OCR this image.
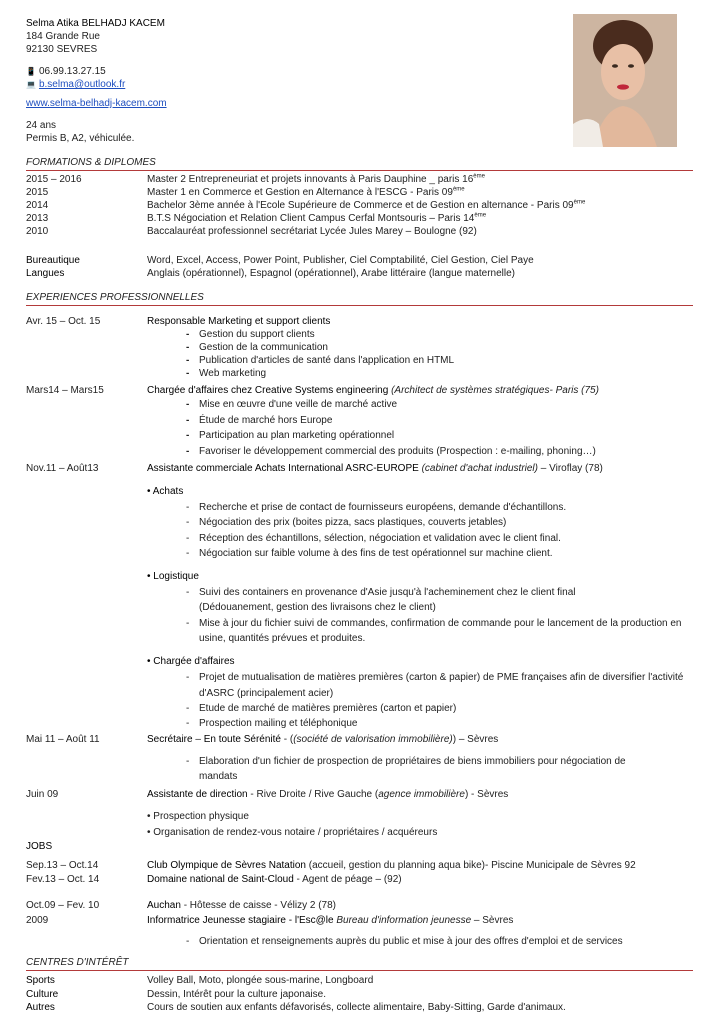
Selma Atika BELHADJ KACEM
184 Grande Rue
92130 SEVRES
📱 06.99.13.27.15
💻 b.selma@outlook.fr
www.selma-belhadj-kacem.com
24 ans
Permis B, A2, véhiculée.
FORMATIONS & DIPLOMES
2015 – 2016	Master 2 Entrepreneuriat et projets innovants à Paris Dauphine _ paris 16ème
2015	Master 1 en Commerce et Gestion en Alternance à l'ESCG - Paris 09ème
2014	Bachelor 3ème année à l'Ecole Supérieure de Commerce et de Gestion en alternance - Paris 09ème
2013	B.T.S Négociation et Relation Client Campus Cerfal Montsouris – Paris 14ème
2010	Baccalauréat professionnel secrétariat Lycée Jules Marey – Boulogne (92)
Bureautique	Word, Excel, Access, Power Point, Publisher, Ciel Comptabilité, Ciel Gestion, Ciel Paye
Langues	Anglais (opérationnel), Espagnol (opérationnel), Arabe littéraire (langue maternelle)
EXPERIENCES PROFESSIONNELLES
Avr. 15 – Oct. 15	Responsable Marketing et support clients
- Gestion du support clients
- Gestion de la communication
- Publication d'articles de santé dans l'application en HTML
- Web marketing
Mars14 – Mars15	Chargée d'affaires chez Creative Systems engineering (Architect de systèmes stratégiques- Paris (75)
- Mise en œuvre d'une veille de marché active
- Étude de marché hors Europe
- Participation au plan marketing opérationnel
- Favoriser le développement commercial des produits (Prospection : e-mailing, phoning…)
Nov.11 – Août13	Assistante commerciale Achats International ASRC-EUROPE (cabinet d'achat industriel) – Viroflay (78)
• Achats
- Recherche et prise de contact de fournisseurs européens, demande d'échantillons.
- Négociation des prix (boites pizza, sacs plastiques, couverts jetables)
- Réception des échantillons, sélection, négociation et validation avec le client final.
- Négociation sur faible volume à des fins de test opérationnel sur machine client.
• Logistique
- Suivi des containers en provenance d'Asie jusqu'à l'acheminement chez le client final
(Dédouanement, gestion des livraisons chez le client)
- Mise à jour du fichier suivi de commandes, confirmation de commande pour le lancement de la production en
usine, quantités prévues et produites.
• Chargée d'affaires
- Projet de mutualisation de matières premières (carton & papier) de PME françaises afin de diversifier l'activité
d'ASRC (principalement acier)
- Etude de marché de matières premières (carton et papier)
- Prospection mailing et téléphonique
Mai 11 – Août 11	Secrétaire – En toute Sérénité - ((société de valorisation immobilière)) – Sèvres
- Elaboration d'un fichier de prospection de propriétaires de biens immobiliers pour négociation de
mandats
Juin 09	Assistante de direction - Rive Droite / Rive Gauche (agence immobilière) - Sèvres
• Prospection physique
• Organisation de rendez-vous notaire / propriétaires / acquéreurs
JOBS
Sep.13 – Oct.14	Club Olympique de Sèvres Natation (accueil, gestion du planning aqua bike)- Piscine Municipale de Sèvres 92
Fev.13 – Oct. 14	Domaine national de Saint-Cloud - Agent de péage – (92)
Oct.09 – Fev. 10	Auchan - Hôtesse de caisse - Vélizy 2 (78)
2009	Informatrice Jeunesse stagiaire - l'Esc@le Bureau d'information jeunesse – Sèvres
- Orientation et renseignements auprès du public et mise à jour des offres d'emploi et de services
CENTRES D'INTÉRÊT
Sports	Volley Ball, Moto, plongée sous-marine, Longboard
Culture	Dessin, Intérêt pour la culture japonaise.
Autres	Cours de soutien aux enfants défavorisés, collecte alimentaire, Baby-Sitting, Garde d'animaux.
